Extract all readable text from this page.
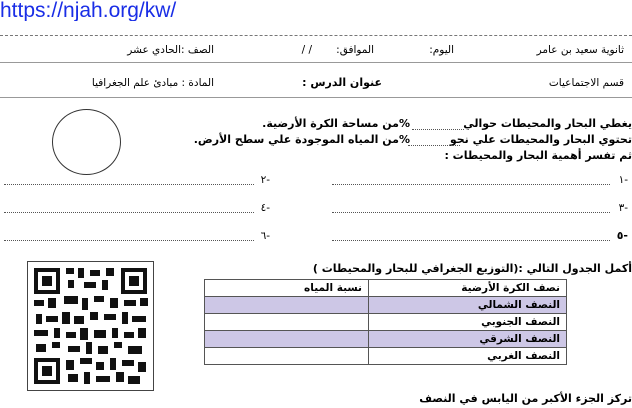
https://njah.org/kw/
ثانوية سعيد بن عامر
اليوم:
الموافق:
/ /
الصف :الحادي عشر
قسم الاجتماعيات
عنوان الدرس :
المادة : مبادئ علم الجغرافيا
يغطي البحار والمحيطات حوالي
%من مساحة الكرة الأرضية.
تحتوي البحار والمحيطات علي نحو
%من المياه الموجودة علي سطح الأرض.
ثم تفسر أهمية البحار والمحيطات :
-١
-٢
-٣
-٤
-٥
-٦
أكمل الجدول التالي :(التوزيع الجغرافي للبحار والمحيطات )
نصف الكرة الأرضية	نسبة المياه
النصف الشمالي	
النصف الجنوبي	
النصف الشرقي	
النصف الغربي	
تركز الجزء الأكبر من اليابس في النصف
